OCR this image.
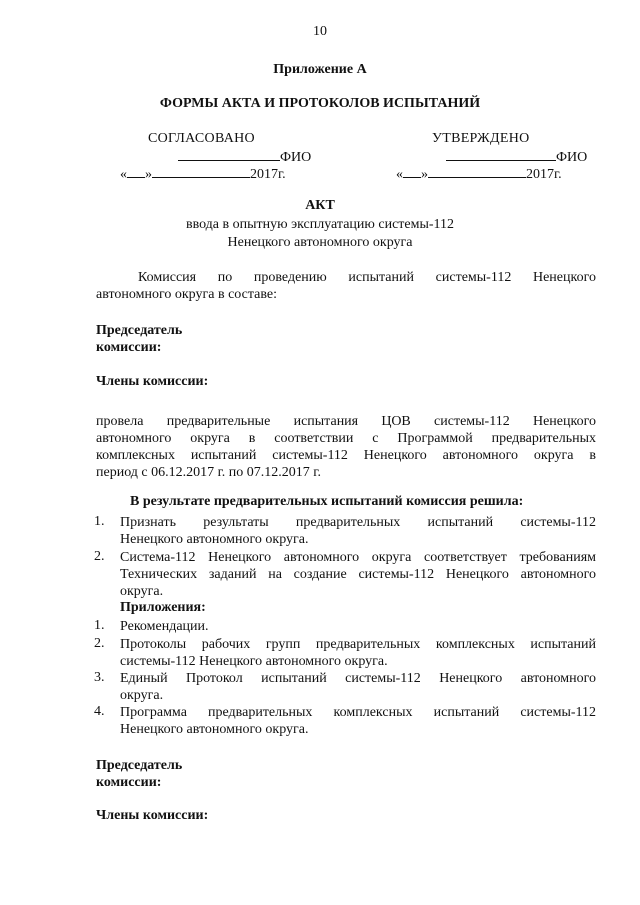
10
Приложение А
ФОРМЫ АКТА И ПРОТОКОЛОВ ИСПЫТАНИЙ
СОГЛАСОВАНО
ФИО
« »	2017г.
УТВЕРЖДЕНО
ФИО
« »	2017г.
АКТ
ввода в опытную эксплуатацию системы-112
Ненецкого автономного округа
Комиссия по проведению испытаний системы-112 Ненецкого
автономного округа в составе:
Председатель
комиссии:
Члены комиссии:
провела предварительные испытания ЦОВ системы-112 Ненецкого
автономного округа в соответствии с Программой предварительных
комплексных испытаний системы-112 Ненецкого автономного округа в
период с 06.12.2017 г. по 07.12.2017 г.
В результате предварительных испытаний комиссия решила:
1. Признать результаты предварительных испытаний системы-112
Ненецкого автономного округа.
2. Система-112 Ненецкого автономного округа соответствует требованиям
Технических заданий на создание системы-112 Ненецкого автономного
округа.
Приложения:
1. Рекомендации.
2. Протоколы рабочих групп предварительных комплексных испытаний
системы-112 Ненецкого автономного округа.
3. Единый Протокол испытаний системы-112 Ненецкого автономного
округа.
4. Программа предварительных комплексных испытаний системы-112
Ненецкого автономного округа.
Председатель
комиссии:
Члены комиссии:
